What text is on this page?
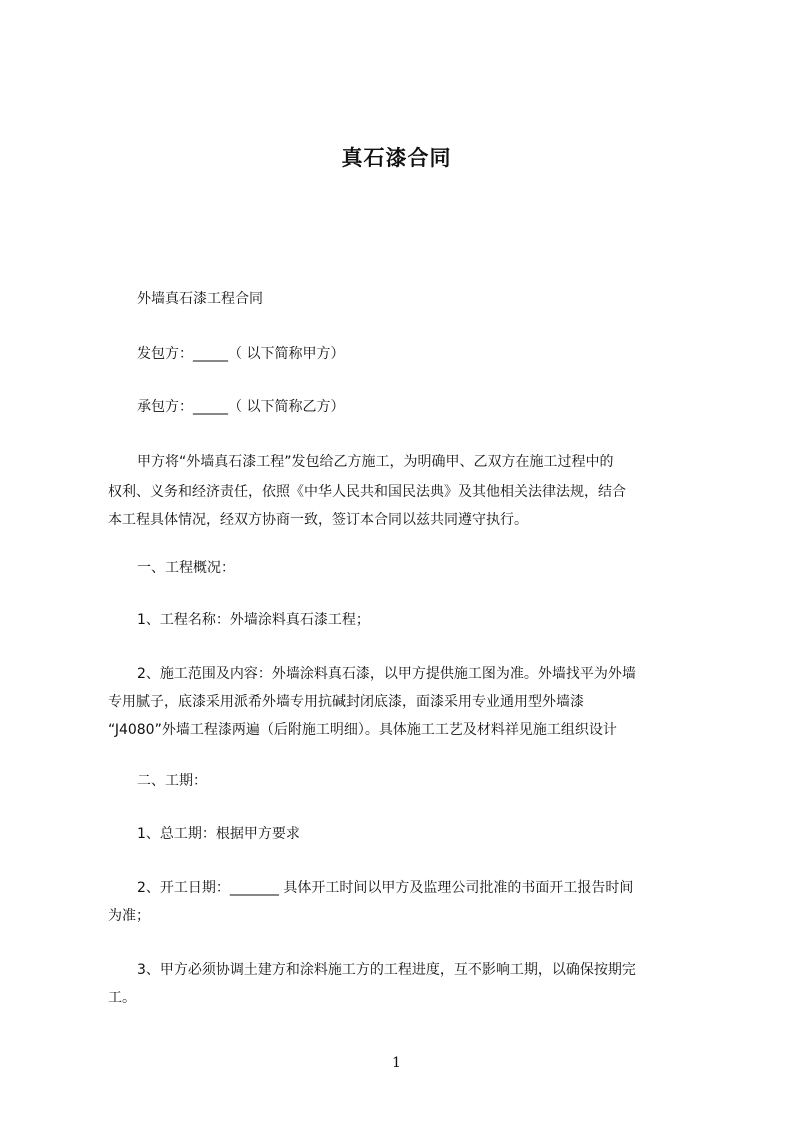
真石漆合同
外墙真石漆工程合同
发包方：_____（ 以下简称甲方）
承包方：_____（ 以下简称乙方）
甲方将“外墙真石漆工程”发包给乙方施工，为明确甲、乙双方在施工过程中的
权利、义务和经济责任，依照《中华人民共和国民法典》及其他相关法律法规，结合
本工程具体情况，经双方协商一致，签订本合同以兹共同遵守执行。
一、工程概况：
1、工程名称：外墙涂料真石漆工程；
2、施工范围及内容：外墙涂料真石漆，以甲方提供施工图为准。外墙找平为外墙
专用腻子，底漆采用派希外墙专用抗碱封闭底漆，面漆采用专业通用型外墙漆
“J4080”外墙工程漆两遍（后附施工明细）。具体施工工艺及材料祥见施工组织设计
二、工期：
1、总工期：根据甲方要求
2、开工日期：_______ 具体开工时间以甲方及监理公司批准的书面开工报告时间
为准；
3、甲方必须协调土建方和涂料施工方的工程进度，互不影响工期，以确保按期完
工。
1
